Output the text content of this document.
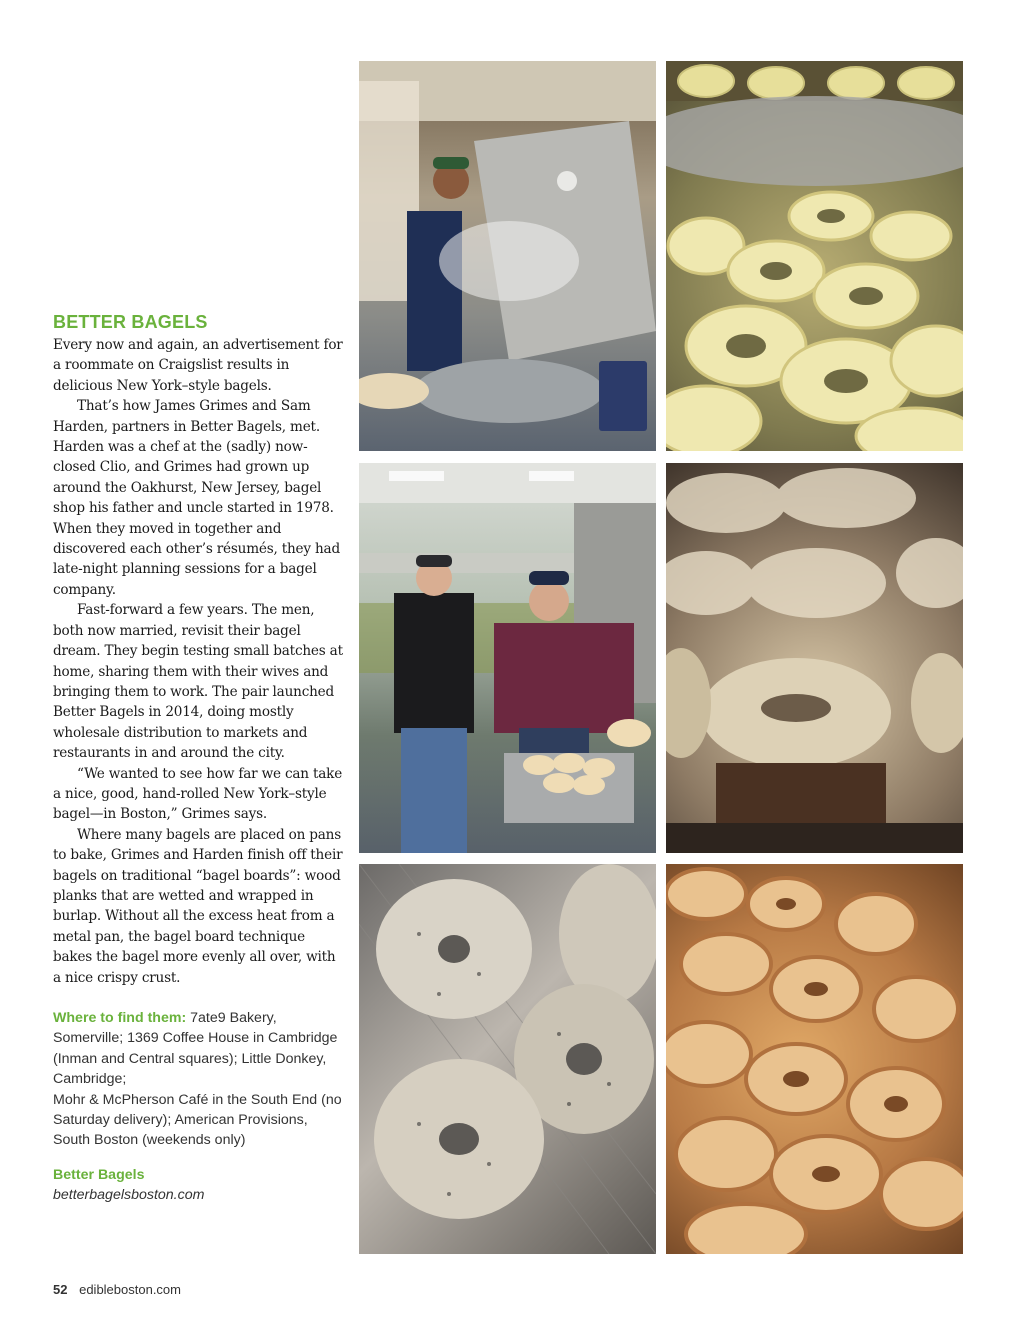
BETTER BAGELS

Every now and again, an advertisement for a roommate on Craigslist results in delicious New York–style bagels.

That’s how James Grimes and Sam Harden, partners in Better Bagels, met. Harden was a chef at the (sadly) now-closed Clio, and Grimes had grown up around the Oakhurst, New Jersey, bagel shop his father and uncle started in 1978. When they moved in together and discovered each other’s résumés, they had late-night planning sessions for a bagel company.

Fast-forward a few years. The men, both now married, revisit their bagel dream. They begin testing small batches at home, sharing them with their wives and bringing them to work. The pair launched Better Bagels in 2014, doing mostly wholesale distribution to markets and restaurants in and around the city.

“We wanted to see how far we can take a nice, good, hand-rolled New York–style bagel—in Boston,” Grimes says.

Where many bagels are placed on pans to bake, Grimes and Harden finish off their bagels on traditional “bagel boards”: wood planks that are wetted and wrapped in burlap. Without all the excess heat from a metal pan, the bagel board technique bakes the bagel more evenly all over, with a nice crispy crust.

Where to find them: 7ate9 Bakery, Somerville; 1369 Coffee House in Cambridge (Inman and Central squares); Little Donkey, Cambridge;
Mohr & McPherson Café in the South End (no Saturday delivery); American Provisions, South Boston (weekends only)
Better Bagels
betterbagelsboston.com
52 edibleboston.com
